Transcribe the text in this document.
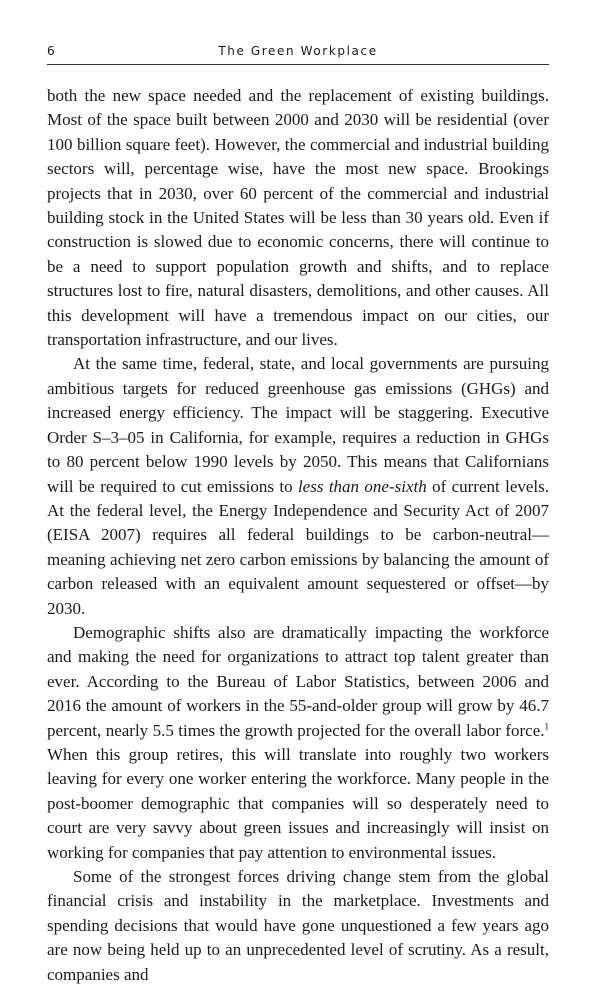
6	The Green Workplace

both the new space needed and the replacement of existing buildings. Most of the space built between 2000 and 2030 will be residential (over 100 billion square feet). However, the commercial and industrial building sectors will, percentage wise, have the most new space. Brookings projects that in 2030, over 60 percent of the commercial and industrial building stock in the United States will be less than 30 years old. Even if construction is slowed due to economic concerns, there will continue to be a need to support population growth and shifts, and to replace structures lost to fire, natural disasters, demolitions, and other causes. All this development will have a tremendous impact on our cities, our transportation infrastructure, and our lives.

At the same time, federal, state, and local governments are pursuing ambitious targets for reduced greenhouse gas emissions (GHGs) and increased energy efficiency. The impact will be staggering. Executive Order S–3–05 in California, for example, requires a reduction in GHGs to 80 percent below 1990 levels by 2050. This means that Californians will be required to cut emissions to less than one-sixth of current levels. At the federal level, the Energy Independence and Security Act of 2007 (EISA 2007) requires all federal buildings to be carbon-neutral—meaning achieving net zero carbon emissions by balancing the amount of carbon released with an equivalent amount sequestered or offset—by 2030.

Demographic shifts also are dramatically impacting the workforce and making the need for organizations to attract top talent greater than ever. According to the Bureau of Labor Statistics, between 2006 and 2016 the amount of workers in the 55-and-older group will grow by 46.7 percent, nearly 5.5 times the growth projected for the overall labor force.$^1$ When this group retires, this will translate into roughly two workers leaving for every one worker entering the workforce. Many people in the post-boomer demographic that companies will so desperately need to court are very savvy about green issues and increasingly will insist on working for companies that pay attention to environmental issues.

Some of the strongest forces driving change stem from the global financial crisis and instability in the marketplace. Investments and spending decisions that would have gone unquestioned a few years ago are now being held up to an unprecedented level of scrutiny. As a result, companies and
